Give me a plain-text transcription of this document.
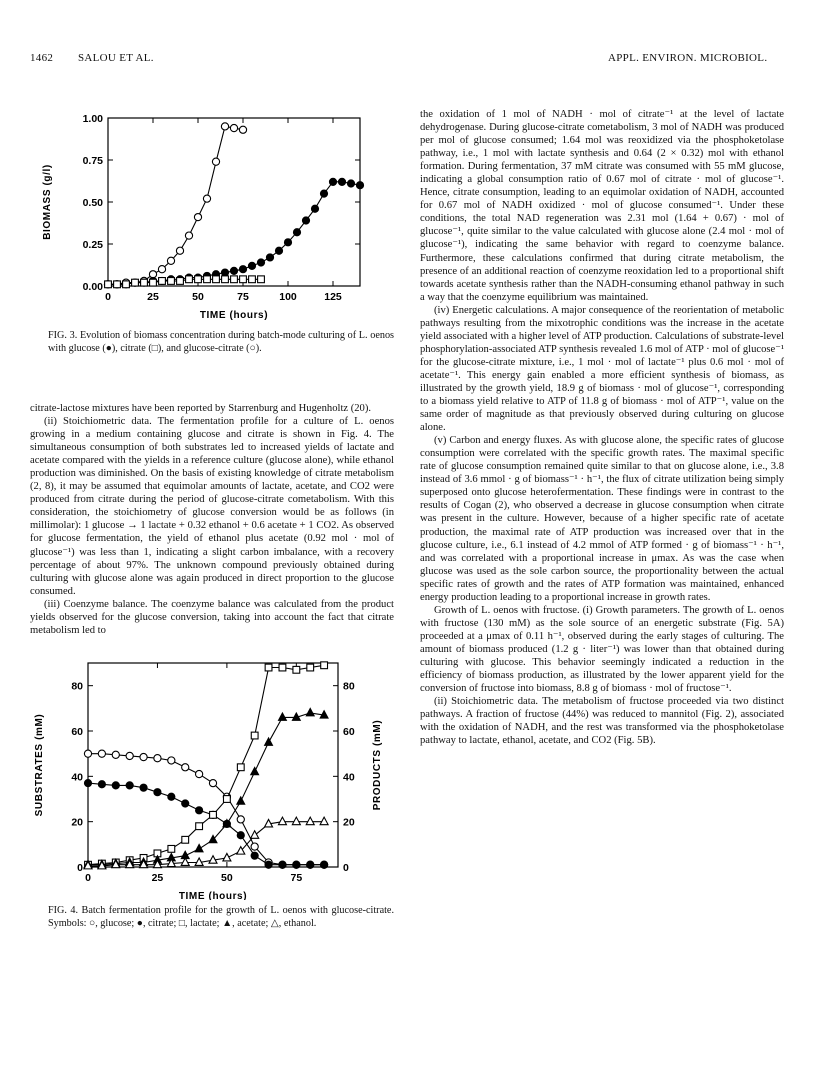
1462 SALOU ET AL.	APPL. ENVIRON. MICROBIOL.
0	25	50	75	100	125
0.00
0.25
0.50
0.75
1.00
TIME (hours)
BIOMASS (g/l)

FIG. 3. Evolution of biomass concentration during batch-mode culturing of L. oenos with glucose (●), citrate (□), and glucose-citrate (○).

citrate-lactose mixtures have been reported by Starrenburg and Hugenholtz (20).

(ii) Stoichiometric data. The fermentation profile for a culture of L. oenos growing in a medium containing glucose and citrate is shown in Fig. 4. The simultaneous consumption of both substrates led to increased yields of lactate and acetate compared with the yields in a reference culture (glucose alone), while ethanol production was diminished. On the basis of existing knowledge of citrate metabolism (2, 8), it may be assumed that equimolar amounts of lactate, acetate, and CO2 were produced from citrate during the period of glucose-citrate cometabolism. With this consideration, the stoichiometry of glucose conversion would be as follows (in millimolar): 1 glucose → 1 lactate + 0.32 ethanol + 0.6 acetate + 1 CO2. As observed for glucose fermentation, the yield of ethanol plus acetate (0.92 mol · mol of glucose⁻¹) was less than 1, indicating a slight carbon imbalance, with a recovery percentage of about 97%. The unknown compound previously obtained during culturing with glucose alone was again produced in direct proportion to the glucose consumed.

(iii) Coenzyme balance. The coenzyme balance was calculated from the product yields observed for the glucose conversion, taking into account the fact that citrate metabolism led to

0	25	50	75
0	0
20	20
40	40
60	60
80	80
TIME (hours)
SUBSTRATES (mM)	PRODUCTS (mM)

FIG. 4. Batch fermentation profile for the growth of L. oenos with glucose-citrate. Symbols: ○, glucose; ●, citrate; □, lactate; ▲, acetate; △, ethanol.

the oxidation of 1 mol of NADH · mol of citrate⁻¹ at the level of lactate dehydrogenase. During glucose-citrate cometabolism, 3 mol of NADH was produced per mol of glucose consumed; 1.64 mol was reoxidized via the phosphoketolase pathway, i.e., 1 mol with lactate synthesis and 0.64 (2 × 0.32) mol with ethanol formation. During fermentation, 37 mM citrate was consumed with 55 mM glucose, indicating a global consumption ratio of 0.67 mol of citrate · mol of glucose⁻¹. Hence, citrate consumption, leading to an equimolar oxidation of NADH, accounted for 0.67 mol of NADH oxidized · mol of glucose consumed⁻¹. Under these conditions, the total NAD regeneration was 2.31 mol (1.64 + 0.67) · mol of glucose⁻¹, quite similar to the value calculated with glucose alone (2.4 mol · mol of glucose⁻¹), indicating the same behavior with regard to coenzyme balance. Furthermore, these calculations confirmed that during citrate metabolism, the presence of an additional reaction of coenzyme reoxidation led to a proportional shift towards acetate synthesis rather than the NADH-consuming ethanol pathway in such a way that the coenzyme equilibrium was maintained.

(iv) Energetic calculations. A major consequence of the reorientation of metabolic pathways resulting from the mixotrophic conditions was the increase in the acetate yield associated with a higher level of ATP production. Calculations of substrate-level phosphorylation-associated ATP synthesis revealed 1.6 mol of ATP · mol of glucose⁻¹ for the glucose-citrate mixture, i.e., 1 mol · mol of lactate⁻¹ plus 0.6 mol · mol of acetate⁻¹. This energy gain enabled a more efficient synthesis of biomass, as illustrated by the growth yield, 18.9 g of biomass · mol of glucose⁻¹, corresponding to a biomass yield relative to ATP of 11.8 g of biomass · mol of ATP⁻¹, value on the same order of magnitude as that previously observed during culturing on glucose alone.

(v) Carbon and energy fluxes. As with glucose alone, the specific rates of glucose consumption were correlated with the specific growth rates. The maximal specific rate of glucose consumption remained quite similar to that on glucose alone, i.e., 3.8 instead of 3.6 mmol · g of biomass⁻¹ · h⁻¹, the flux of citrate utilization being simply superposed onto glucose heterofermentation. These findings were in contrast to the results of Cogan (2), who observed a decrease in glucose consumption when citrate was present in the culture. However, because of a higher specific rate of acetate production, the maximal rate of ATP production was increased over that in the glucose culture, i.e., 6.1 instead of 4.2 mmol of ATP formed · g of biomass⁻¹ · h⁻¹, and was correlated with a proportional increase in μmax. As was the case when glucose was used as the sole carbon source, the proportionality between the actual specific rates of growth and the rates of ATP formation was maintained, enhanced energy production leading to a proportional increase in growth rates.

Growth of L. oenos with fructose. (i) Growth parameters. The growth of L. oenos with fructose (130 mM) as the sole source of an energetic substrate (Fig. 5A) proceeded at a μmax of 0.11 h⁻¹, observed during the early stages of culturing. The amount of biomass produced (1.2 g · liter⁻¹) was lower than that obtained during culturing with glucose. This behavior seemingly indicated a reduction in the efficiency of biomass production, as illustrated by the lower apparent yield for the conversion of fructose into biomass, 8.8 g of biomass · mol of fructose⁻¹.

(ii) Stoichiometric data. The metabolism of fructose proceeded via two distinct pathways. A fraction of fructose (44%) was reduced to mannitol (Fig. 2), associated with the oxidation of NADH, and the rest was transformed via the phosphoketolase pathway to lactate, ethanol, acetate, and CO2 (Fig. 5B).
